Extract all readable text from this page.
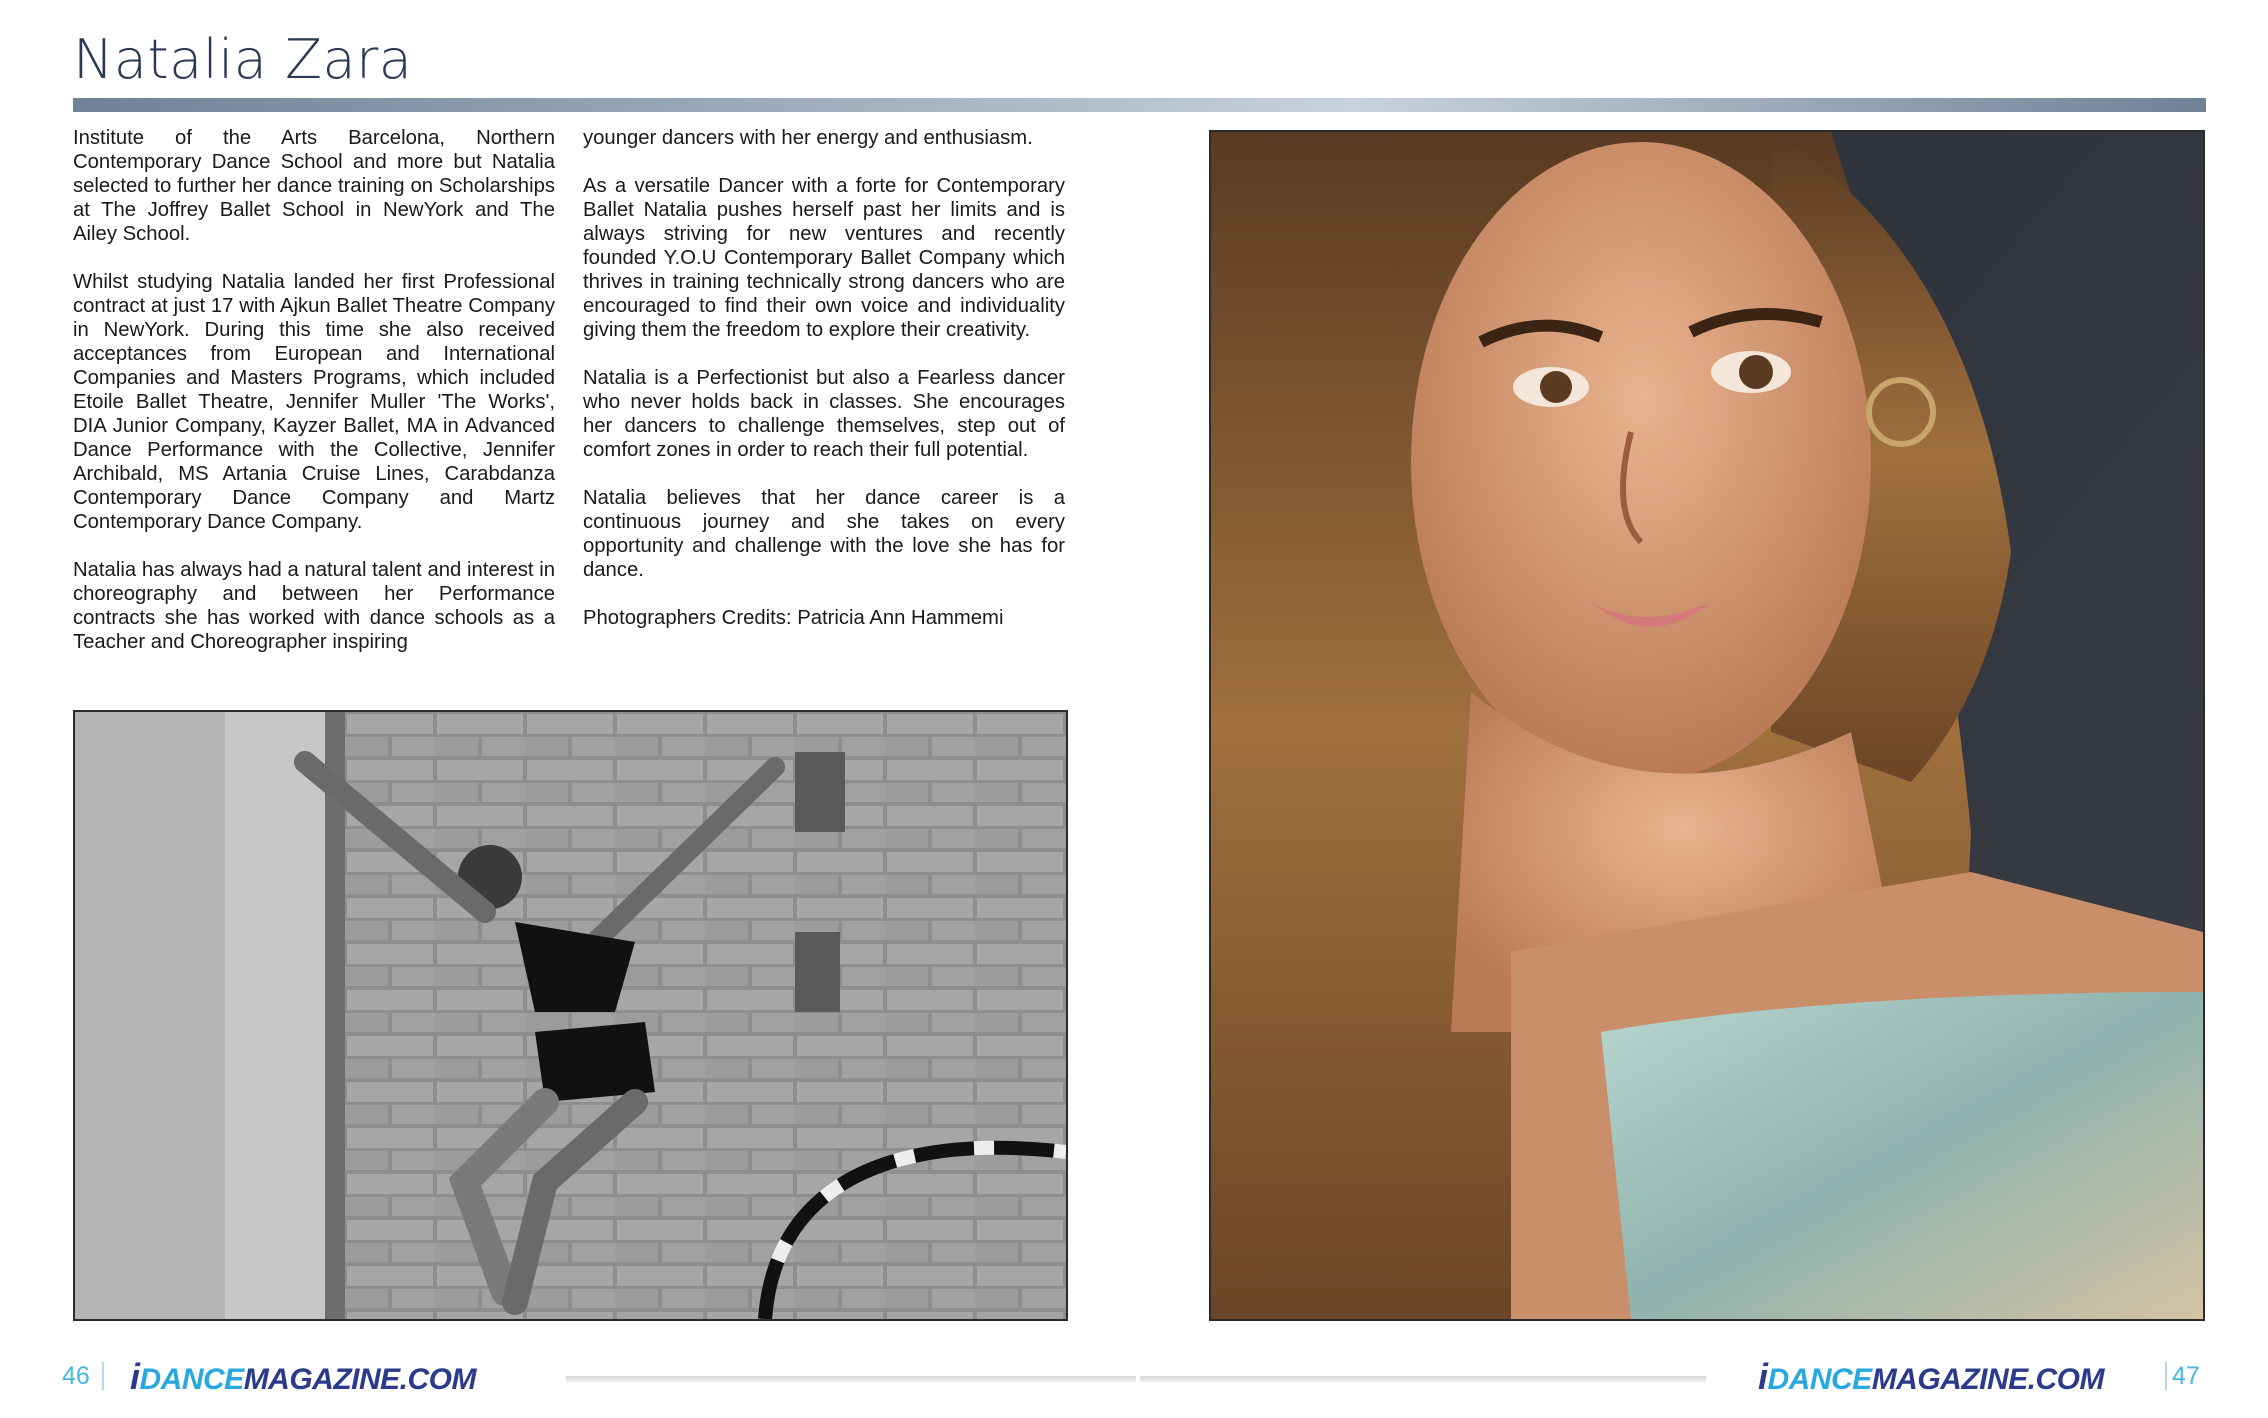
Natalia Zara

Institute of the Arts Barcelona, Northern Contemporary Dance School and more but Natalia selected to further her dance training on Scholarships at The Joffrey Ballet School in NewYork and The Ailey School.

Whilst studying Natalia landed her first Professional contract at just 17 with Ajkun Ballet Theatre Company in NewYork. During this time she also received acceptances from European and International Companies and Masters Programs, which included Etoile Ballet Theatre, Jennifer Muller 'The Works', DIA Junior Company, Kayzer Ballet, MA in Advanced Dance Performance with the Collective, Jennifer Archibald, MS Artania Cruise Lines, Carabdanza Contemporary Dance Company and Martz Contemporary Dance Company.

Natalia has always had a natural talent and interest in choreography and between her Performance contracts she has worked with dance schools as a Teacher and Choreographer inspiring

younger dancers with her energy and enthusiasm.

As a versatile Dancer with a forte for Contemporary Ballet Natalia pushes herself past her limits and is always striving for new ventures and recently founded Y.O.U Contemporary Ballet Company which thrives in training technically strong dancers who are encouraged to find their own voice and individuality giving them the freedom to explore their creativity.

Natalia is a Perfectionist but also a Fearless dancer who never holds back in classes. She encourages her dancers to challenge themselves, step out of comfort zones in order to reach their full potential.

Natalia believes that her dance career is a continuous journey and she takes on every opportunity and challenge with the love she has for dance.

Photographers Credits: Patricia Ann Hammemi

46 iDANCEMAGAZINE.COM	iDANCEMAGAZINE.COM	47
